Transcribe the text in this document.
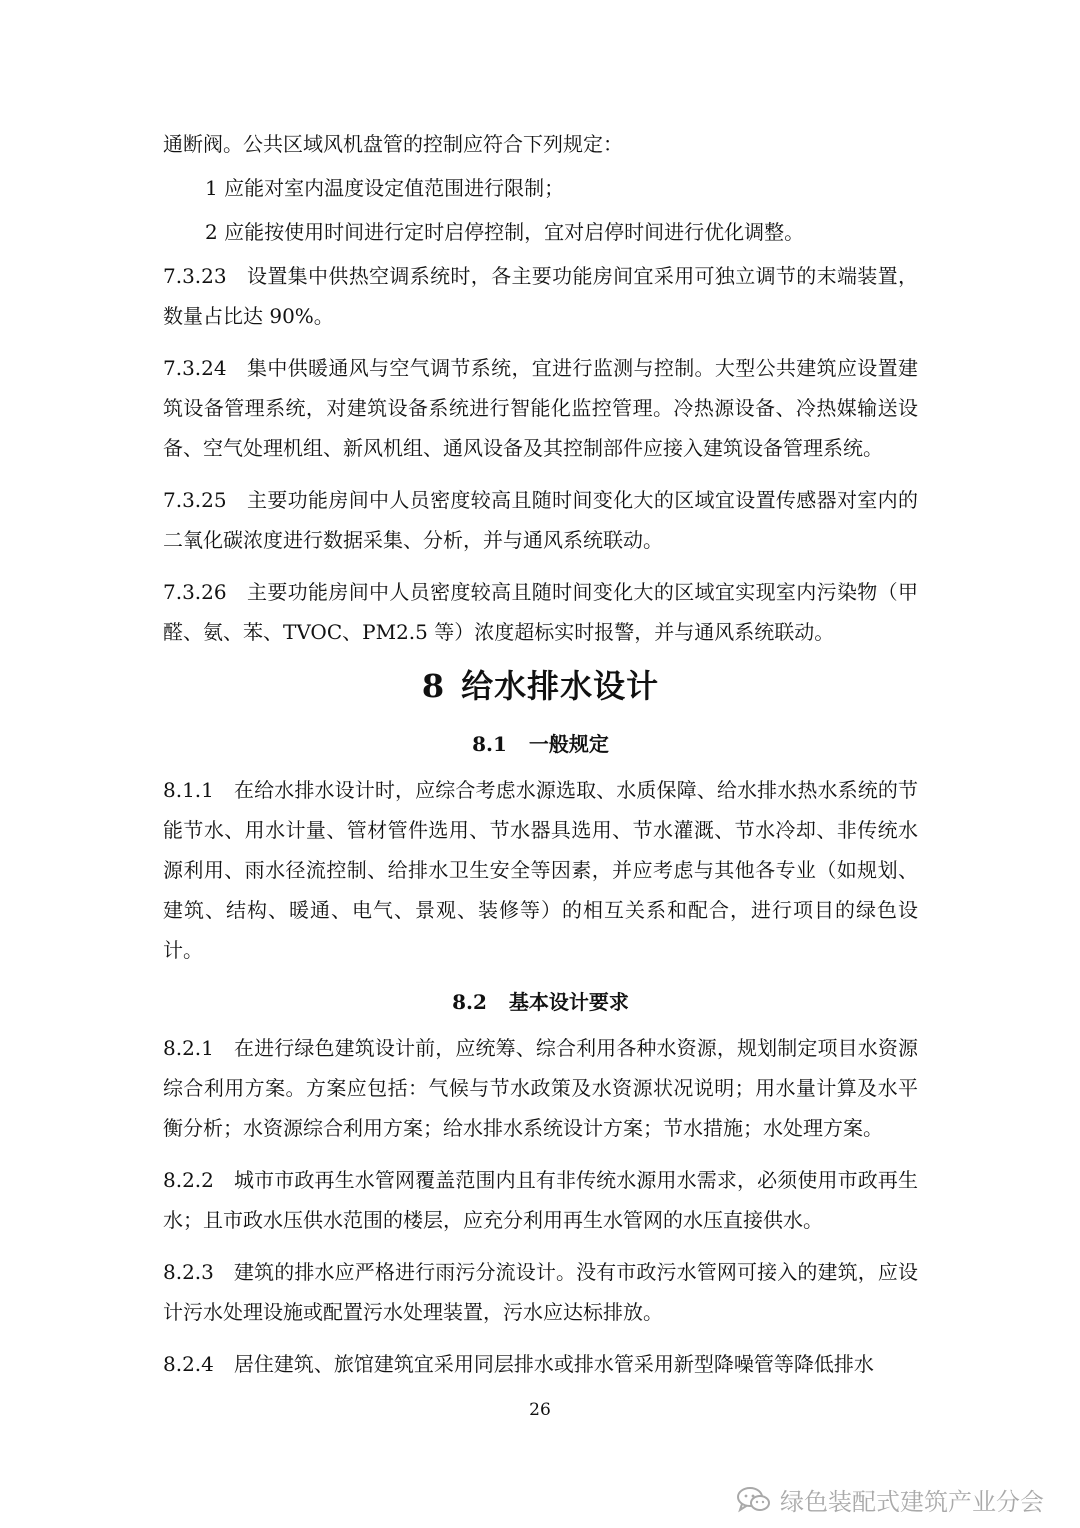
通断阀。公共区域风机盘管的控制应符合下列规定：

1 应能对室内温度设定值范围进行限制；

2 应能按使用时间进行定时启停控制，宜对启停时间进行优化调整。

7.3.23 设置集中供热空调系统时，各主要功能房间宜采用可独立调节的末端装置，数量占比达 90%。

7.3.24 集中供暖通风与空气调节系统，宜进行监测与控制。大型公共建筑应设置建筑设备管理系统，对建筑设备系统进行智能化监控管理。冷热源设备、冷热媒输送设备、空气处理机组、新风机组、通风设备及其控制部件应接入建筑设备管理系统。

7.3.25 主要功能房间中人员密度较高且随时间变化大的区域宜设置传感器对室内的二氧化碳浓度进行数据采集、分析，并与通风系统联动。

7.3.26 主要功能房间中人员密度较高且随时间变化大的区域宜实现室内污染物（甲醛、氨、苯、TVOC、PM2.5 等）浓度超标实时报警，并与通风系统联动。

8 给水排水设计
8.1 一般规定

8.1.1 在给水排水设计时，应综合考虑水源选取、水质保障、给水排水热水系统的节能节水、用水计量、管材管件选用、节水器具选用、节水灌溉、节水冷却、非传统水源利用、雨水径流控制、给排水卫生安全等因素，并应考虑与其他各专业（如规划、建筑、结构、暖通、电气、景观、装修等）的相互关系和配合，进行项目的绿色设计。

8.2 基本设计要求

8.2.1 在进行绿色建筑设计前，应统筹、综合利用各种水资源，规划制定项目水资源综合利用方案。方案应包括：气候与节水政策及水资源状况说明；用水量计算及水平衡分析；水资源综合利用方案；给水排水系统设计方案；节水措施；水处理方案。

8.2.2 城市市政再生水管网覆盖范围内且有非传统水源用水需求，必须使用市政再生水；且市政水压供水范围的楼层，应充分利用再生水管网的水压直接供水。

8.2.3 建筑的排水应严格进行雨污分流设计。没有市政污水管网可接入的建筑，应设计污水处理设施或配置污水处理装置，污水应达标排放。

8.2.4 居住建筑、旅馆建筑宜采用同层排水或排水管采用新型降噪管等降低排水

26
绿色装配式建筑产业分会
